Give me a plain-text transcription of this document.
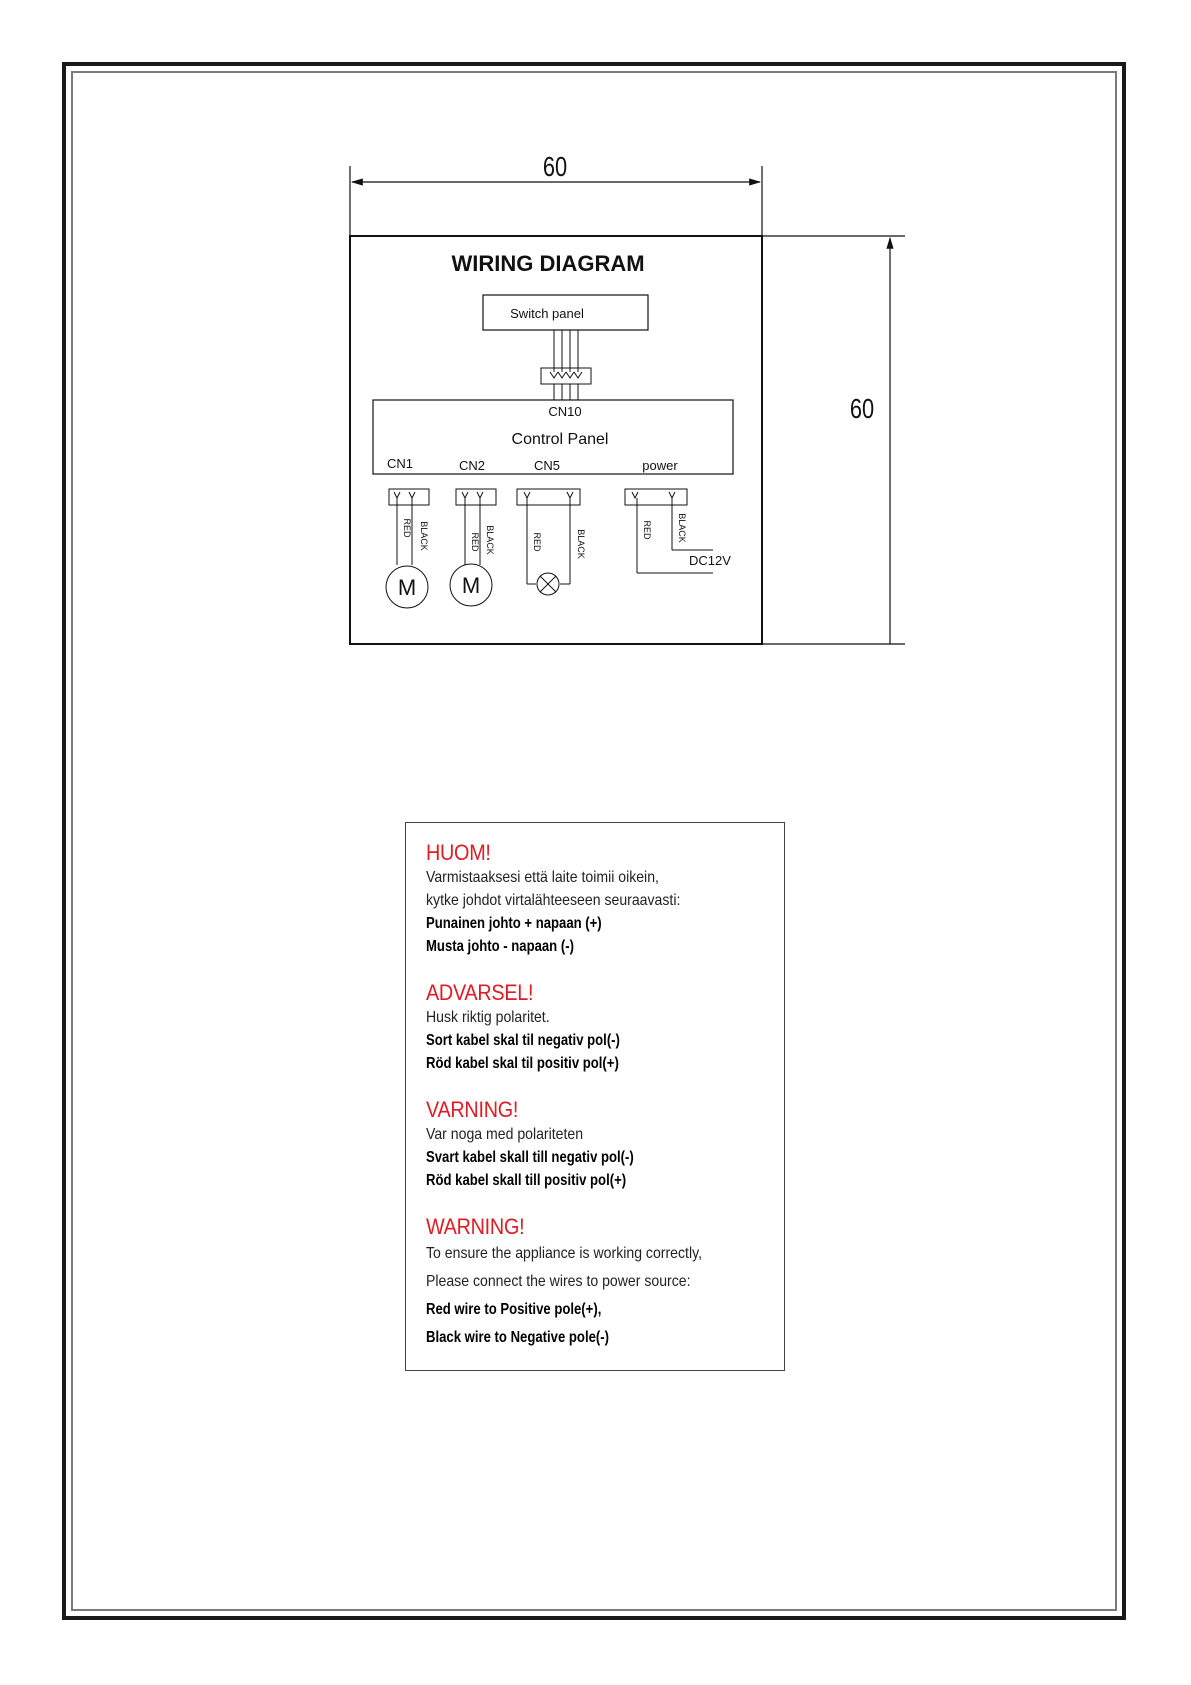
60
60
WIRING DIAGRAM
Switch panel
CN10
Control Panel
CN1	CN2	CN5	power
RED BLACK	RED BLACK	RED	BLACK	RED	BLACK
M M
DC12V
HUOM!
Varmistaaksesi että laite toimii oikein,
kytke johdot virtalähteeseen seuraavasti:
Punainen johto + napaan (+)
Musta johto - napaan (-)
ADVARSEL!
Husk riktig polaritet.
Sort kabel skal til negativ pol(-)
Röd kabel skal til positiv pol(+)
VARNING!
Var noga med polariteten
Svart kabel skall till negativ pol(-)
Röd kabel skall till positiv pol(+)
WARNING!
To ensure the appliance is working correctly,
Please connect the wires to power source:
Red wire to Positive pole(+),
Black wire to Negative pole(-)
